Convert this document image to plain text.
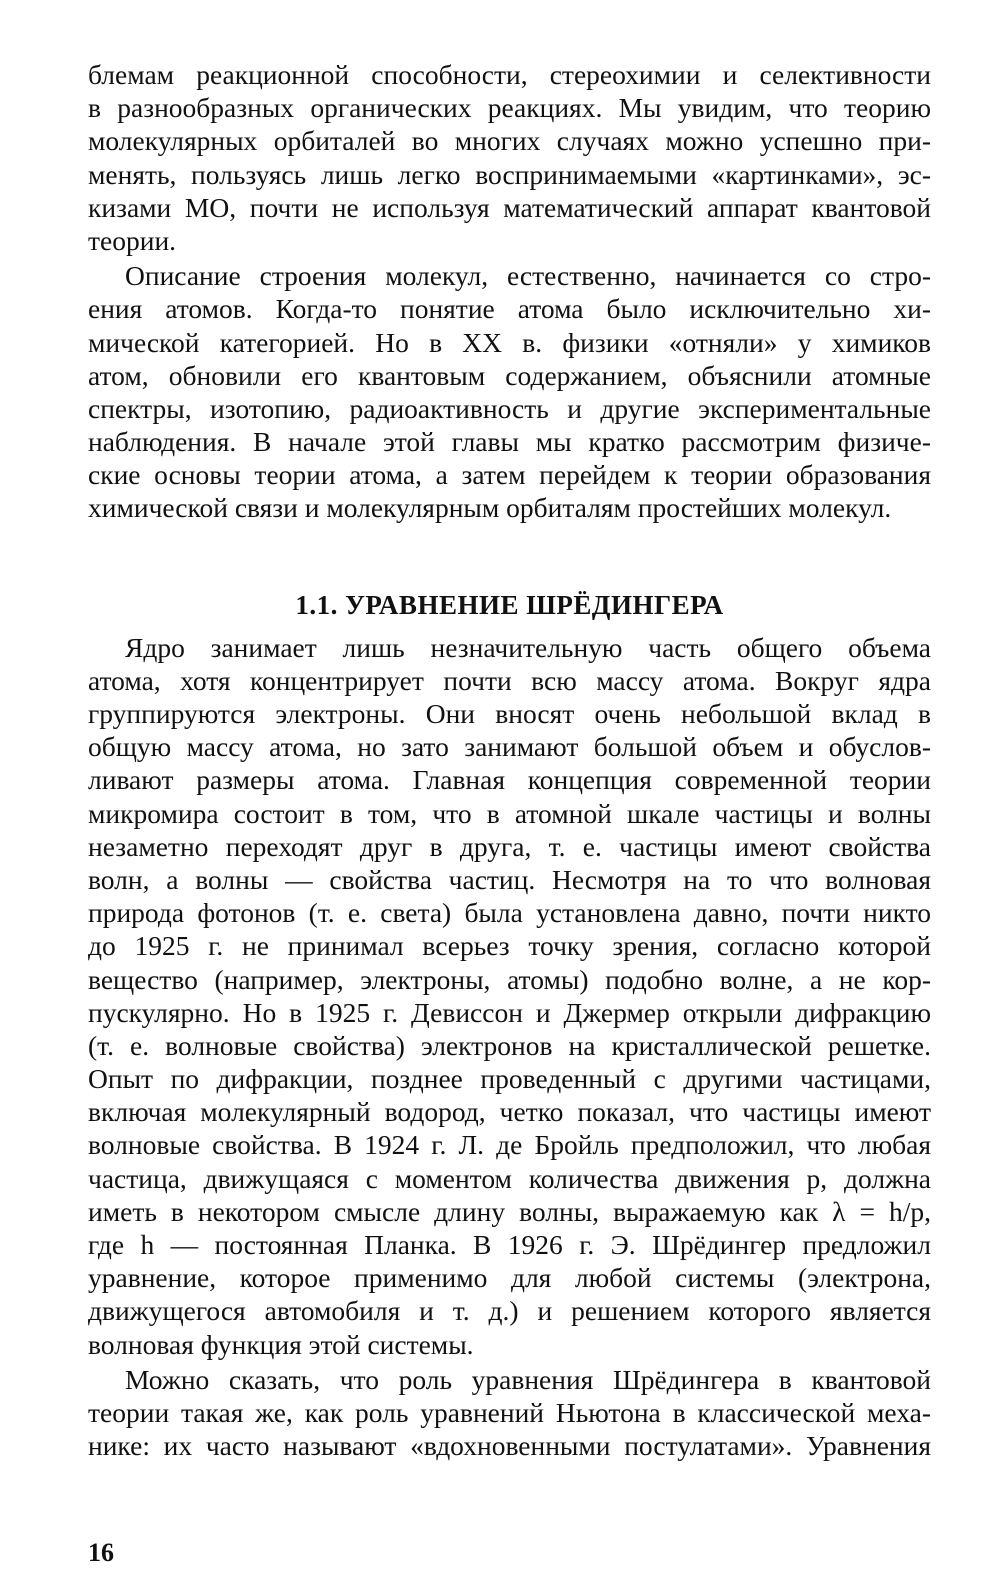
блемам реакционной способности, стереохимии и селективности
в разнообразных органических реакциях. Мы увидим, что теорию
молекулярных орбиталей во многих случаях можно успешно при-
менять, пользуясь лишь легко воспринимаемыми «картинками», эс-
кизами МО, почти не используя математический аппарат квантовой
теории.
Описание строения молекул, естественно, начинается со стро-
ения атомов. Когда-то понятие атома было исключительно хи-
мической категорией. Но в XX в. физики «отняли» у химиков
атом, обновили его квантовым содержанием, объяснили атомные
спектры, изотопию, радиоактивность и другие экспериментальные
наблюдения. В начале этой главы мы кратко рассмотрим физиче-
ские основы теории атома, а затем перейдем к теории образования
химической связи и молекулярным орбиталям простейших молекул.
1.1. УРАВНЕНИЕ ШРЁДИНГЕРА
Ядро занимает лишь незначительную часть общего объема
атома, хотя концентрирует почти всю массу атома. Вокруг ядра
группируются электроны. Они вносят очень небольшой вклад в
общую массу атома, но зато занимают большой объем и обуслов-
ливают размеры атома. Главная концепция современной теории
микромира состоит в том, что в атомной шкале частицы и волны
незаметно переходят друг в друга, т. е. частицы имеют свойства
волн, а волны — свойства частиц. Несмотря на то что волновая
природа фотонов (т. е. света) была установлена давно, почти никто
до 1925 г. не принимал всерьез точку зрения, согласно которой
вещество (например, электроны, атомы) подобно волне, а не кор-
пускулярно. Но в 1925 г. Девиссон и Джермер открыли дифракцию
(т. е. волновые свойства) электронов на кристаллической решетке.
Опыт по дифракции, позднее проведенный с другими частицами,
включая молекулярный водород, четко показал, что частицы имеют
волновые свойства. В 1924 г. Л. де Бройль предположил, что любая
частица, движущаяся с моментом количества движения p, должна
иметь в некотором смысле длину волны, выражаемую как λ = h/p,
где h — постоянная Планка. В 1926 г. Э. Шрёдингер предложил
уравнение, которое применимо для любой системы (электрона,
движущегося автомобиля и т. д.) и решением которого является
волновая функция этой системы.
Можно сказать, что роль уравнения Шрёдингера в квантовой
теории такая же, как роль уравнений Ньютона в классической меха-
нике: их часто называют «вдохновенными постулатами». Уравнения
16
